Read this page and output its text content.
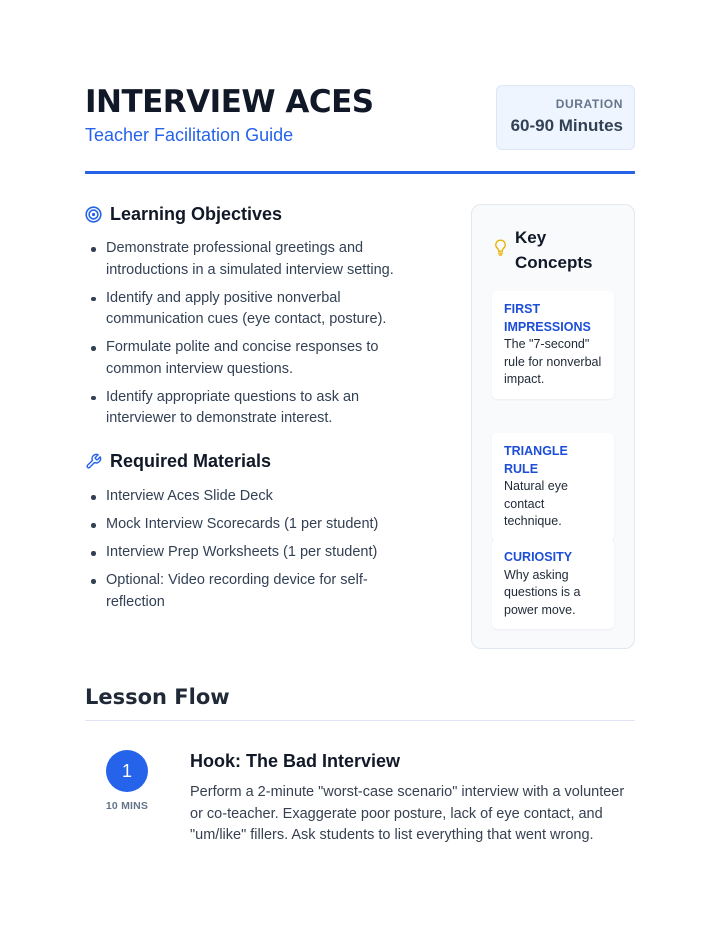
INTERVIEW ACES
Teacher Facilitation Guide
DURATION
60-90 Minutes
Learning Objectives
Demonstrate professional greetings and introductions in a simulated interview setting.
Identify and apply positive nonverbal communication cues (eye contact, posture).
Formulate polite and concise responses to common interview questions.
Identify appropriate questions to ask an interviewer to demonstrate interest.
Required Materials
Interview Aces Slide Deck
Mock Interview Scorecards (1 per student)
Interview Prep Worksheets (1 per student)
Optional: Video recording device for self-reflection
Key Concepts
FIRST IMPRESSIONS
The "7-second" rule for nonverbal impact.
TRIANGLE RULE
Natural eye contact technique.
CURIOSITY
Why asking questions is a power move.
Lesson Flow
1
10 MINS
Hook: The Bad Interview
Perform a 2-minute "worst-case scenario" interview with a volunteer or co-teacher. Exaggerate poor posture, lack of eye contact, and "um/like" fillers. Ask students to list everything that went wrong.
